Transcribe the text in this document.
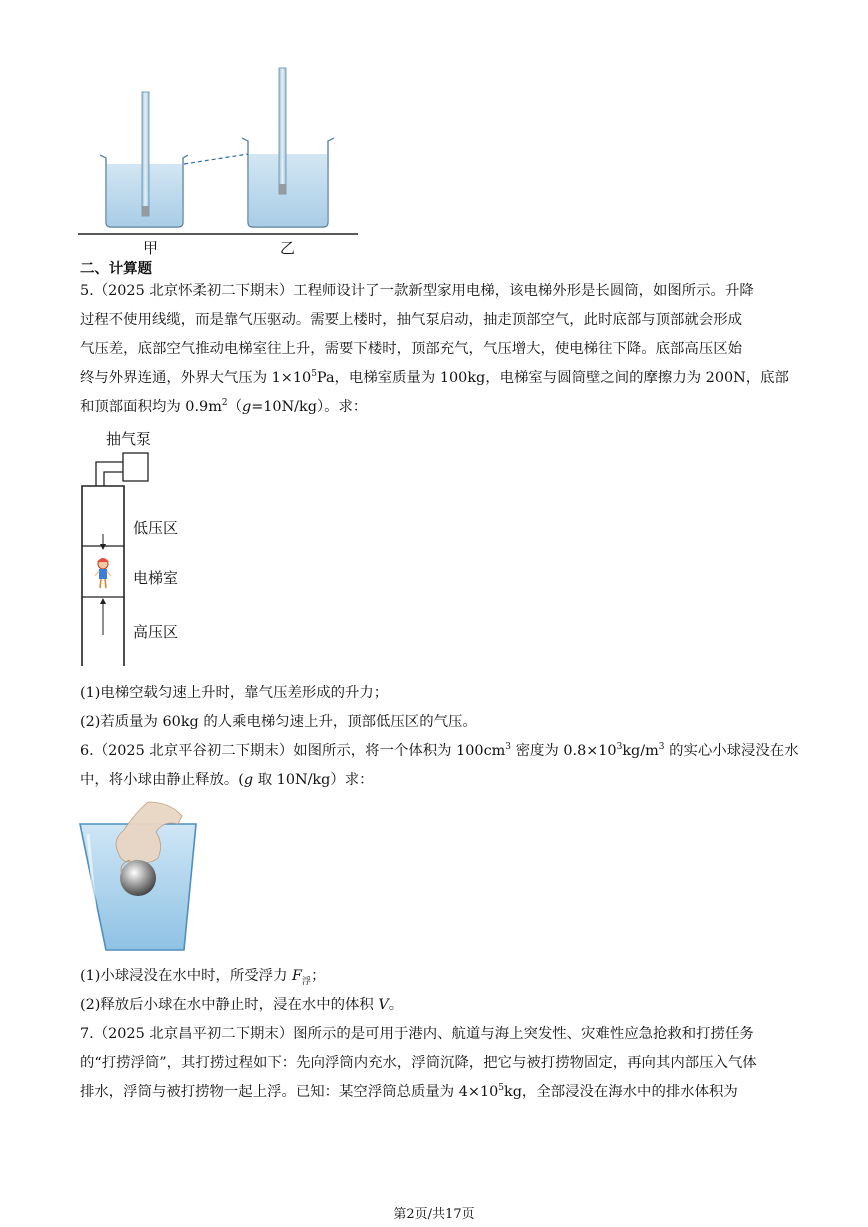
甲	乙
二、计算题
5.（2025 北京怀柔初二下期末）工程师设计了一款新型家用电梯，该电梯外形是长圆筒，如图所示。升降
过程不使用线缆，而是靠气压驱动。需要上楼时，抽气泵启动，抽走顶部空气，此时底部与顶部就会形成
气压差，底部空气推动电梯室往上升，需要下楼时，顶部充气，气压增大，使电梯往下降。底部高压区始
终与外界连通，外界大气压为 $1\times 10^5Pa$，电梯室质量为 100kg，电梯室与圆筒壁之间的摩擦力为 200N，底部
和顶部面积均为 $0.9m^2(g=10N/kg)$。求：
抽气泵
低压区
电梯室
高压区
(1)电梯空载匀速上升时，靠气压差形成的升力；
(2)若质量为 60kg 的人乘电梯匀速上升，顶部低压区的气压。
6.（2025 北京平谷初二下期末）如图所示，将一个体积为 $100cm^3$ 密度为 $0.8\times 10^3kg/m^3$ 的实心小球浸没在水
中，将小球由静止释放。(g 取 10N/kg）求：
(1)小球浸没在水中时，所受浮力 $F_浮$；
(2)释放后小球在水中静止时，浸在水中的体积 V。
7.（2025 北京昌平初二下期末）图所示的是可用于港内、航道与海上突发性、灾难性应急抢救和打捞任务
的“打捞浮筒”，其打捞过程如下：先向浮筒内充水，浮筒沉降，把它与被打捞物固定，再向其内部压入气体
排水，浮筒与被打捞物一起上浮。已知：某空浮筒总质量为 $4\times 10^5kg$，全部浸没在海水中的排水体积为
第2页/共17页
